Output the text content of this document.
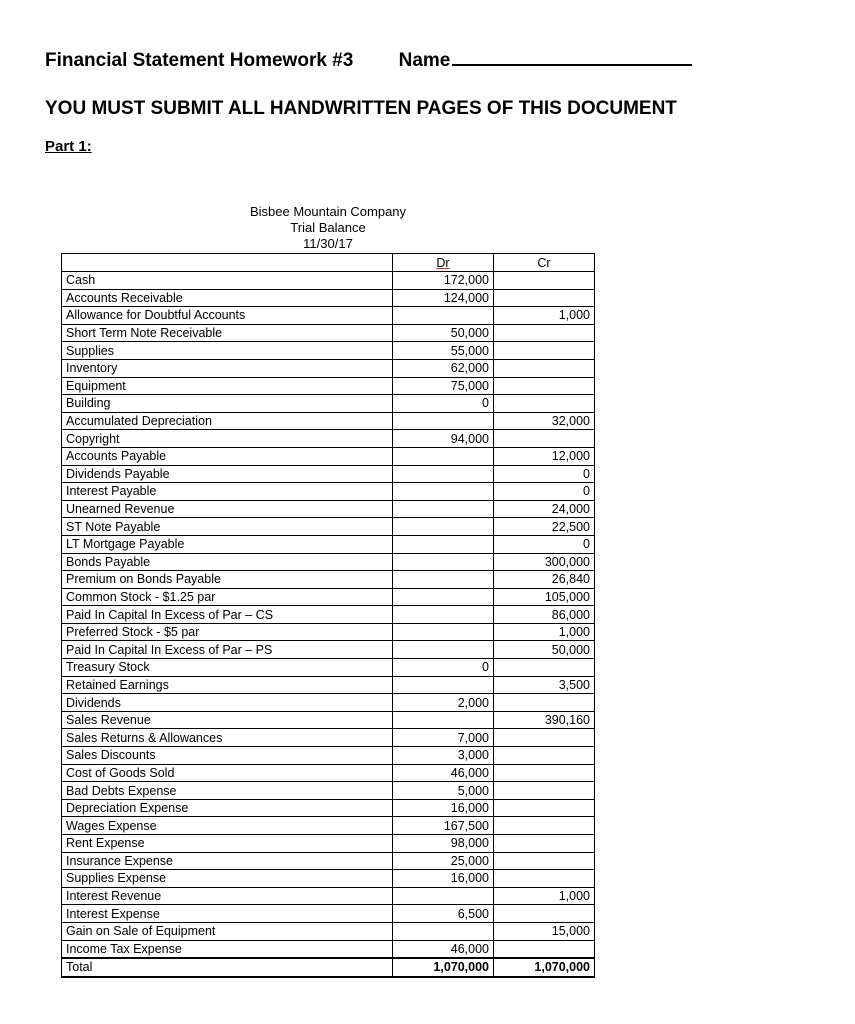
Financial Statement Homework #3 Name
YOU MUST SUBMIT ALL HANDWRITTEN PAGES OF THIS DOCUMENT
Part 1:
Bisbee Mountain Company
Trial Balance
11/30/17
	Dr	Cr
Cash	172,000	
Accounts Receivable	124,000	
Allowance for Doubtful Accounts		1,000
Short Term Note Receivable	50,000	
Supplies	55,000	
Inventory	62,000	
Equipment	75,000	
Building	0	
Accumulated Depreciation		32,000
Copyright	94,000	
Accounts Payable		12,000
Dividends Payable		0
Interest Payable		0
Unearned Revenue		24,000
ST Note Payable		22,500
LT Mortgage Payable		0
Bonds Payable		300,000
Premium on Bonds Payable		26,840
Common Stock - $1.25 par		105,000
Paid In Capital In Excess of Par – CS		86,000
Preferred Stock - $5 par		1,000
Paid In Capital In Excess of Par – PS		50,000
Treasury Stock	0	
Retained Earnings		3,500
Dividends	2,000	
Sales Revenue		390,160
Sales Returns & Allowances	7,000	
Sales Discounts	3,000	
Cost of Goods Sold	46,000	
Bad Debts Expense	5,000	
Depreciation Expense	16,000	
Wages Expense	167,500	
Rent Expense	98,000	
Insurance Expense	25,000	
Supplies Expense	16,000	
Interest Revenue		1,000
Interest Expense	6,500	
Gain on Sale of Equipment		15,000
Income Tax Expense	46,000	
Total	1,070,000	1,070,000
